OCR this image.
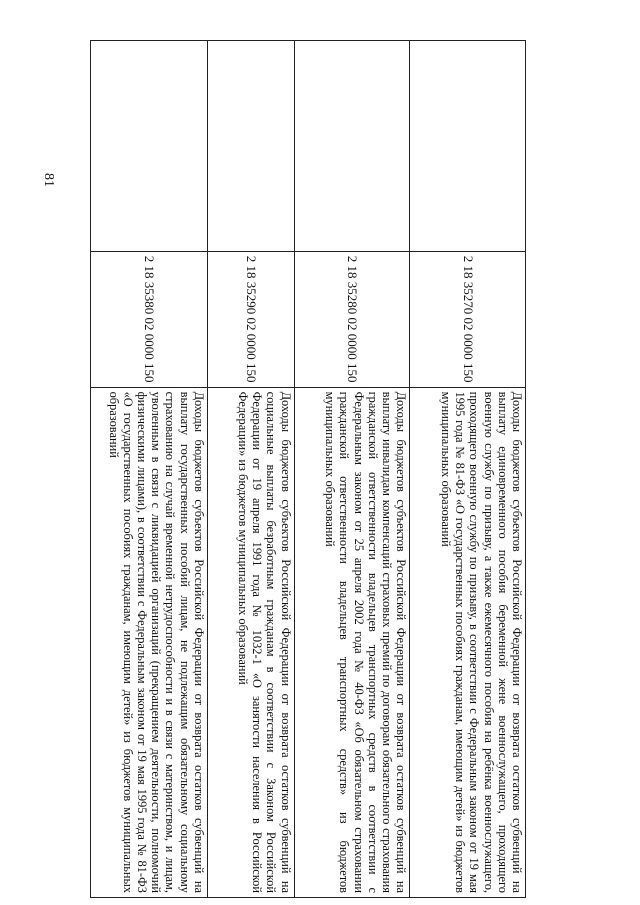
81
2 18 35270 02 0000 150
Доходы бюджетов субъектов Российской Федерации от возврата остатков субвенций на выплату единовременного пособия беременной жене военнослужащего, проходящего военную службу по призыву, а также ежемесячного пособия на ребёнка военнослужащего, проходящего военную службу по призыву, в соответствии с Федеральным законом от 19 мая 1995 года № 81-ФЗ «О государственных пособиях гражданам, имеющим детей» из бюджетов муниципальных образований
2 18 35280 02 0000 150
Доходы бюджетов субъектов Российской Федерации от возврата остатков субвенций на выплату инвалидам компенсаций страховых премий по договорам обязательного страхования гражданской ответственности владельцев транспортных средств в соответствии с Федеральным законом от 25 апреля 2002 года № 40-ФЗ «Об обязательном страховании гражданской ответственности владельцев транспортных средств» из бюджетов муниципальных образований
2 18 35290 02 0000 150
Доходы бюджетов субъектов Российской Федерации от возврата остатков субвенций на социальные выплаты безработным гражданам в соответствии с Законом Российской Федерации от 19 апреля 1991 года № 1032-1 «О занятости населения в Российской Федерации» из бюджетов муниципальных образований
2 18 35380 02 0000 150
Доходы бюджетов субъектов Российской Федерации от возврата остатков субвенций на выплату государственных пособий лицам, не подлежащим обязательному социальному страхованию на случай временной нетрудоспособности и в связи с материнством, и лицам, уволенным в связи с ликвидацией организаций (прекращением деятельности, полномочий физическими лицами), в соответствии с Федеральным законом от 19 мая 1995 года № 81-ФЗ «О государственных пособиях гражданам, имеющим детей» из бюджетов муниципальных образований
